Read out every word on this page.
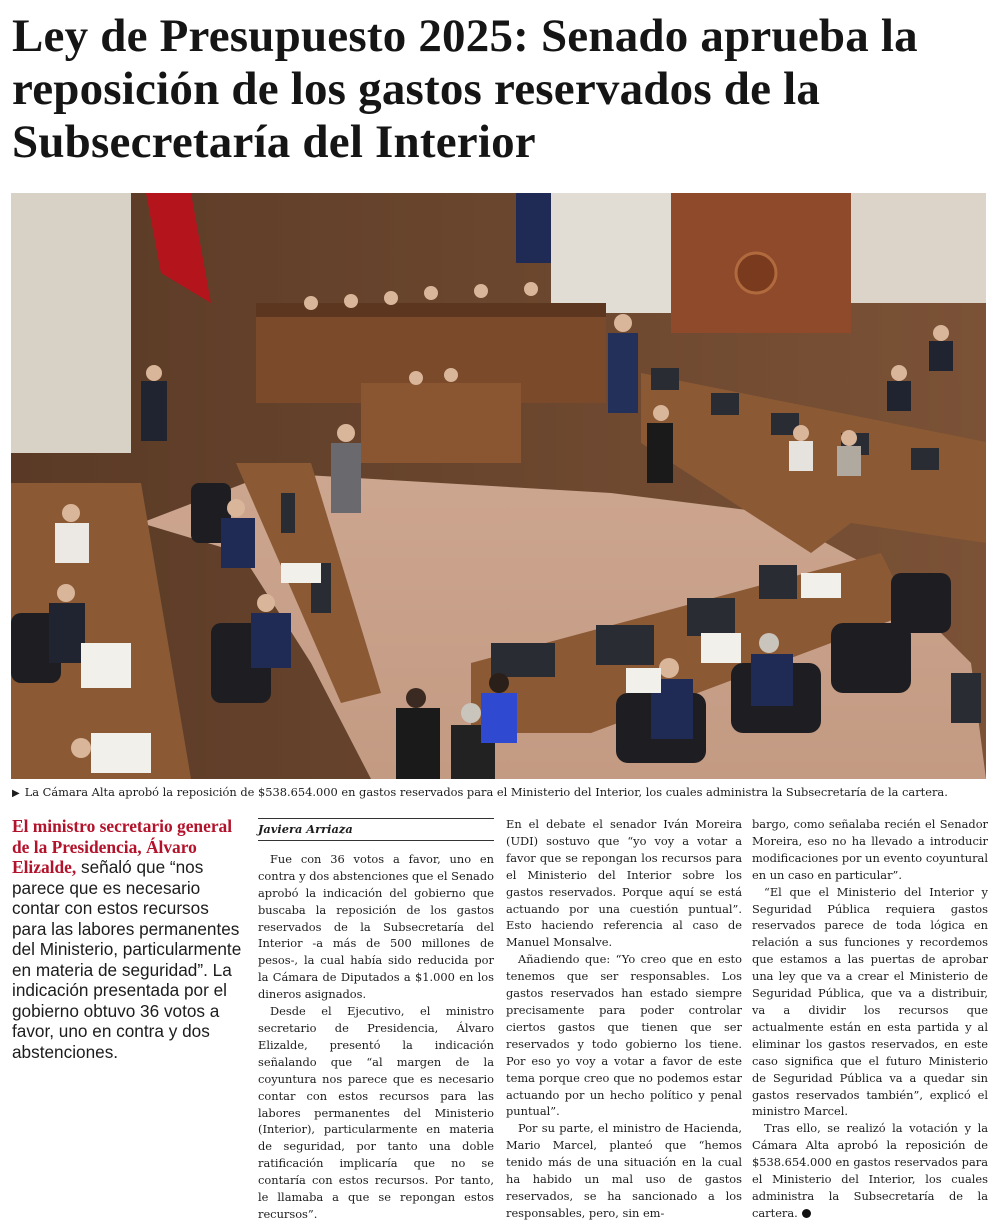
Ley de Presupuesto 2025: Senado aprueba la reposición de los gastos reservados de la Subsecretaría del Interior
▶ La Cámara Alta aprobó la reposición de $538.654.000 en gastos reservados para el Ministerio del Interior, los cuales administra la Subsecretaría de la cartera.
El ministro secretario general de la Presidencia, Álvaro Elizalde, señaló que “nos parece que es necesario contar con estos recursos para las labores permanentes del Ministerio, particularmente en materia de seguridad”. La indicación presentada por el gobierno obtuvo 36 votos a favor, uno en contra y dos abstenciones.
Javiera Arriaza

Fue con 36 votos a favor, uno en contra y dos abstenciones que el Senado aprobó la indicación del gobierno que buscaba la reposición de los gastos reservados de la Subsecretaría del Interior -a más de 500 millones de pesos-, la cual había sido reducida por la Cámara de Diputados a $1.000 en los dineros asignados.

Desde el Ejecutivo, el ministro secretario de Presidencia, Álvaro Elizalde, presentó la indicación señalando que “al margen de la coyuntura nos parece que es necesario contar con estos recursos para las labores permanentes del Ministerio (Interior), particularmente en materia de seguridad, por tanto una doble ratificación implicaría que no se contaría con estos recursos. Por tanto, le llamaba a que se repongan estos recursos”.

En el debate el senador Iván Moreira (UDI) sostuvo que “yo voy a votar a favor que se repongan los recursos para el Ministerio del Interior sobre los gastos reservados. Porque aquí se está actuando por una cuestión puntual”. Esto haciendo referencia al caso de Manuel Monsalve.

Añadiendo que: “Yo creo que en esto tenemos que ser responsables. Los gastos reservados han estado siempre precisamente para poder controlar ciertos gastos que tienen que ser reservados y todo gobierno los tiene. Por eso yo voy a votar a favor de este tema porque creo que no podemos estar actuando por un hecho político y penal puntual”.

Por su parte, el ministro de Hacienda, Mario Marcel, planteó que “hemos tenido más de una situación en la cual ha habido un mal uso de gastos reservados, se ha sancionado a los responsables, pero, sin em-

bargo, como señalaba recién el Senador Moreira, eso no ha llevado a introducir modificaciones por un evento coyuntural en un caso en particular”.

“El que el Ministerio del Interior y Seguridad Pública requiera gastos reservados parece de toda lógica en relación a sus funciones y recordemos que estamos a las puertas de aprobar una ley que va a crear el Ministerio de Seguridad Pública, que va a distribuir, va a dividir los recursos que actualmente están en esta partida y al eliminar los gastos reservados, en este caso significa que el futuro Ministerio de Seguridad Pública va a quedar sin gastos reservados también”, explicó el ministro Marcel.

Tras ello, se realizó la votación y la Cámara Alta aprobó la reposición de $538.654.000 en gastos reservados para el Ministerio del Interior, los cuales administra la Subsecretaría de la cartera.
